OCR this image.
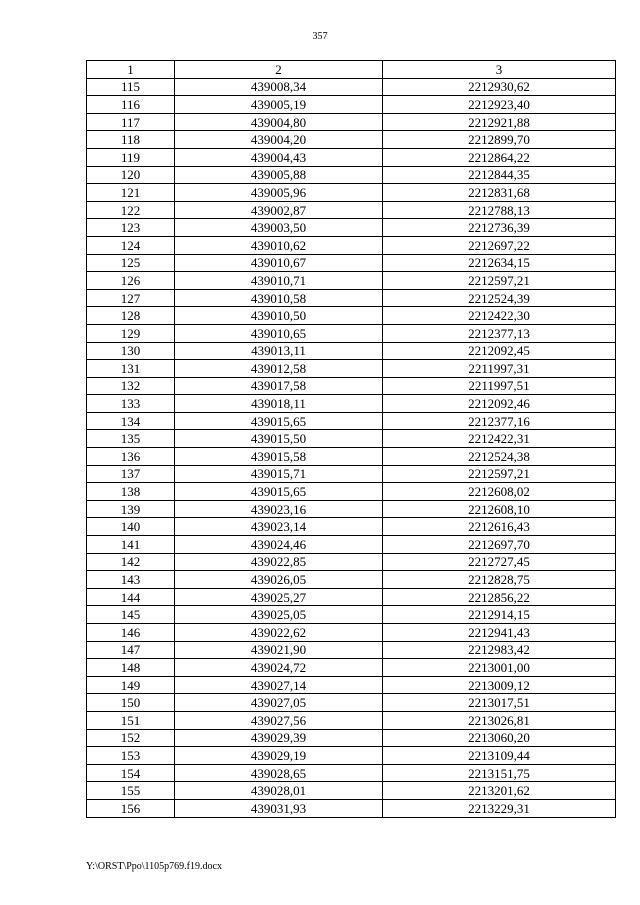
357
1	2	3
115	439008,34	2212930,62
116	439005,19	2212923,40
117	439004,80	2212921,88
118	439004,20	2212899,70
119	439004,43	2212864,22
120	439005,88	2212844,35
121	439005,96	2212831,68
122	439002,87	2212788,13
123	439003,50	2212736,39
124	439010,62	2212697,22
125	439010,67	2212634,15
126	439010,71	2212597,21
127	439010,58	2212524,39
128	439010,50	2212422,30
129	439010,65	2212377,13
130	439013,11	2212092,45
131	439012,58	2211997,31
132	439017,58	2211997,51
133	439018,11	2212092,46
134	439015,65	2212377,16
135	439015,50	2212422,31
136	439015,58	2212524,38
137	439015,71	2212597,21
138	439015,65	2212608,02
139	439023,16	2212608,10
140	439023,14	2212616,43
141	439024,46	2212697,70
142	439022,85	2212727,45
143	439026,05	2212828,75
144	439025,27	2212856,22
145	439025,05	2212914,15
146	439022,62	2212941,43
147	439021,90	2212983,42
148	439024,72	2213001,00
149	439027,14	2213009,12
150	439027,05	2213017,51
151	439027,56	2213026,81
152	439029,39	2213060,20
153	439029,19	2213109,44
154	439028,65	2213151,75
155	439028,01	2213201,62
156	439031,93	2213229,31
Y:\ORST\Ppo\1105p769.f19.docx
